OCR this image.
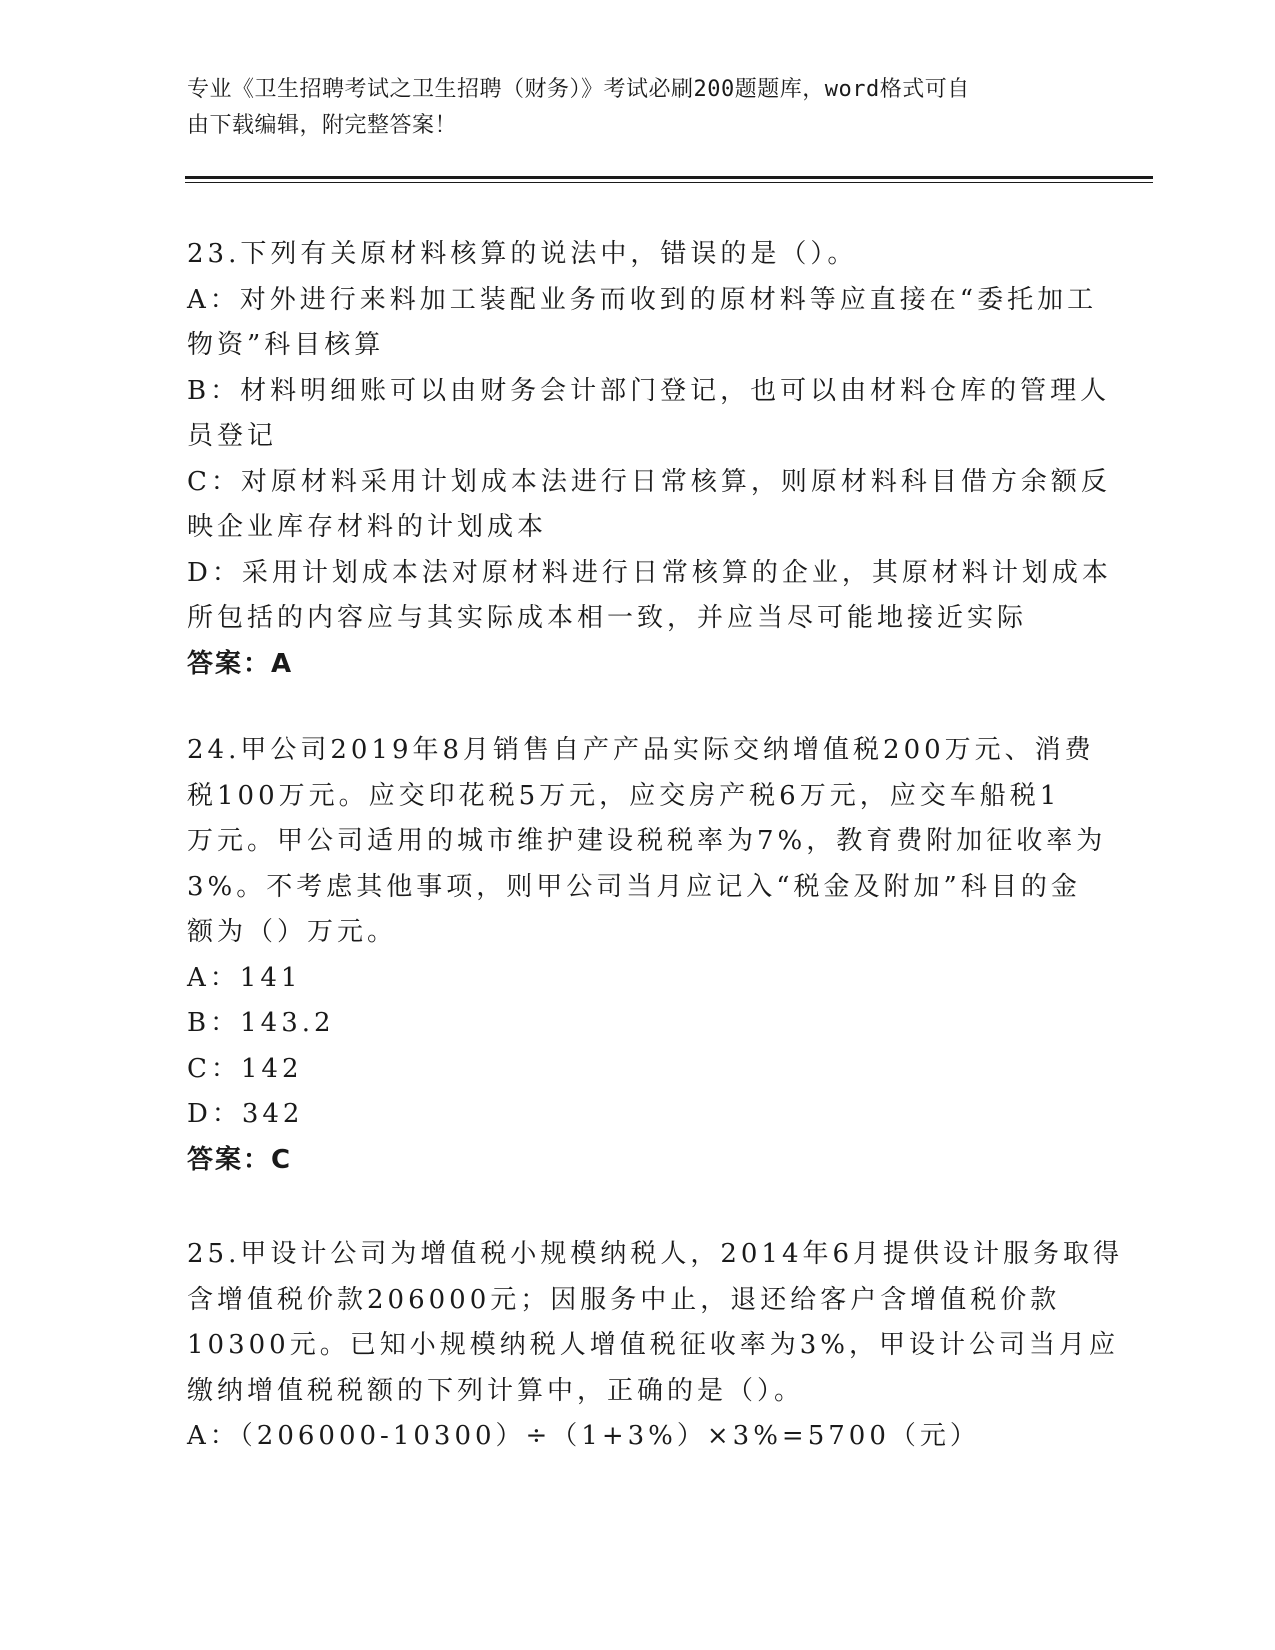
专业《卫生招聘考试之卫生招聘（财务）》考试必刷200题题库，word格式可自
由下载编辑，附完整答案！
23.下列有关原材料核算的说法中，错误的是（）。
A：对外进行来料加工装配业务而收到的原材料等应直接在“委托加工
物资”科目核算
B：材料明细账可以由财务会计部门登记，也可以由材料仓库的管理人
员登记
C：对原材料采用计划成本法进行日常核算，则原材料科目借方余额反
映企业库存材料的计划成本
D：采用计划成本法对原材料进行日常核算的企业，其原材料计划成本
所包括的内容应与其实际成本相一致，并应当尽可能地接近实际
答案：A
24.甲公司2019年8月销售自产产品实际交纳增值税200万元、消费
税100万元。应交印花税5万元，应交房产税6万元，应交车船税1
万元。甲公司适用的城市维护建设税税率为7%，教育费附加征收率为
3%。不考虑其他事项，则甲公司当月应记入“税金及附加”科目的金
额为（）万元。
A：141
B：143.2
C：142
D：342
答案：C
25.甲设计公司为增值税小规模纳税人，2014年6月提供设计服务取得
含增值税价款206000元；因服务中止，退还给客户含增值税价款
10300元。已知小规模纳税人增值税征收率为3%，甲设计公司当月应
缴纳增值税税额的下列计算中，正确的是（）。
A：（206000-10300）÷（1+3%）×3%=5700（元）
